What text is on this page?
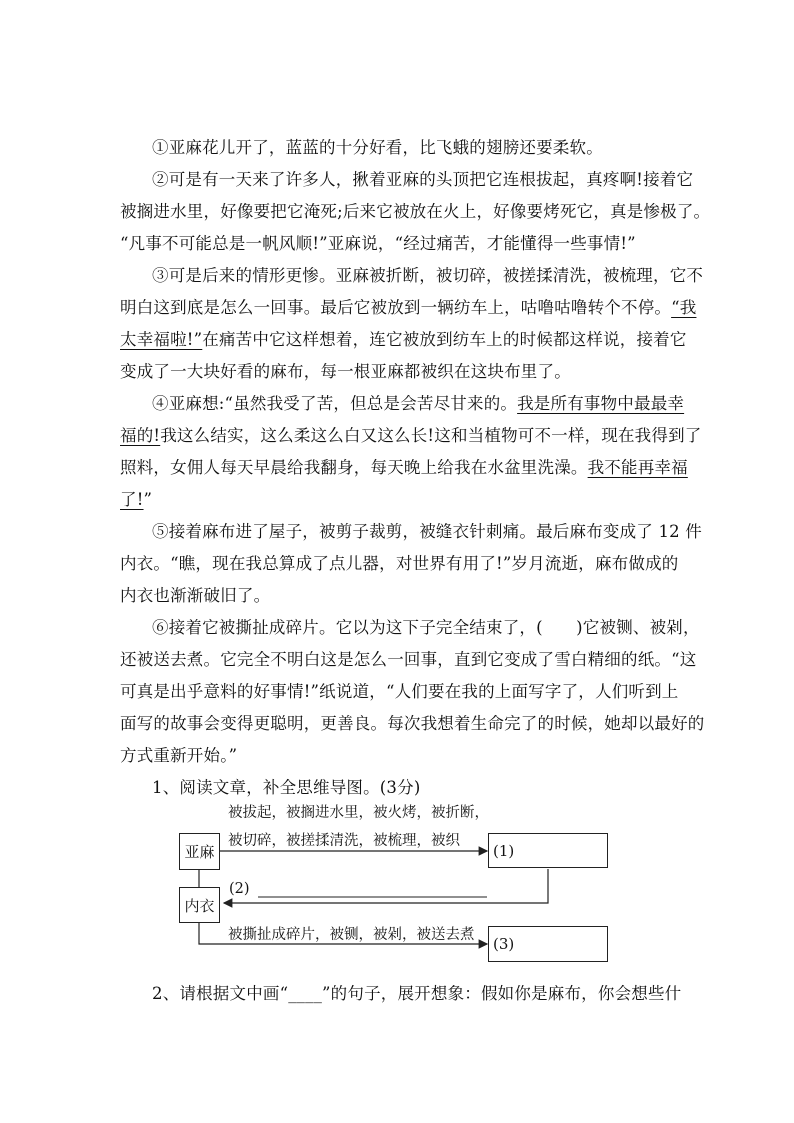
①亚麻花儿开了，蓝蓝的十分好看，比飞蛾的翅膀还要柔软。
②可是有一天来了许多人，揪着亚麻的头顶把它连根拔起，真疼啊!接着它
被搁进水里，好像要把它淹死;后来它被放在火上，好像要烤死它，真是惨极了。
“凡事不可能总是一帆风顺!”亚麻说，“经过痛苦，才能懂得一些事情!”
③可是后来的情形更惨。亚麻被折断，被切碎，被搓揉清洗，被梳理，它不
明白这到底是怎么一回事。最后它被放到一辆纺车上，咕噜咕噜转个不停。“我
太幸福啦!”在痛苦中它这样想着，连它被放到纺车上的时候都这样说，接着它
变成了一大块好看的麻布，每一根亚麻都被织在这块布里了。
④亚麻想:“虽然我受了苦，但总是会苦尽甘来的。我是所有事物中最最幸
福的!我这么结实，这么柔这么白又这么长!这和当植物可不一样，现在我得到了
照料，女佣人每天早晨给我翻身，每天晚上给我在水盆里洗澡。我不能再幸福
了!”
⑤接着麻布进了屋子，被剪子裁剪，被缝衣针刺痛。最后麻布变成了 12 件
内衣。“瞧，现在我总算成了点儿器，对世界有用了!”岁月流逝，麻布做成的
内衣也渐渐破旧了。
⑥接着它被撕扯成碎片。它以为这下子完全结束了，(　　)它被铡、被剁，
还被送去煮。它完全不明白这是怎么一回事，直到它变成了雪白精细的纸。“这
可真是出乎意料的好事情!”纸说道，“人们要在我的上面写字了，人们听到上
面写的故事会变得更聪明，更善良。每次我想着生命完了的时候，她却以最好的
方式重新开始。”
1、阅读文章，补全思维导图。(3分)
被拔起，被搁进水里，被火烤，被折断，
被切碎，被搓揉清洗，被梳理，被织
亚麻
内衣
(1)
(2)
被撕扯成碎片，被铡，被剁，被送去煮 (3)
2、请根据文中画“____”的句子，展开想象：假如你是麻布，你会想些什
